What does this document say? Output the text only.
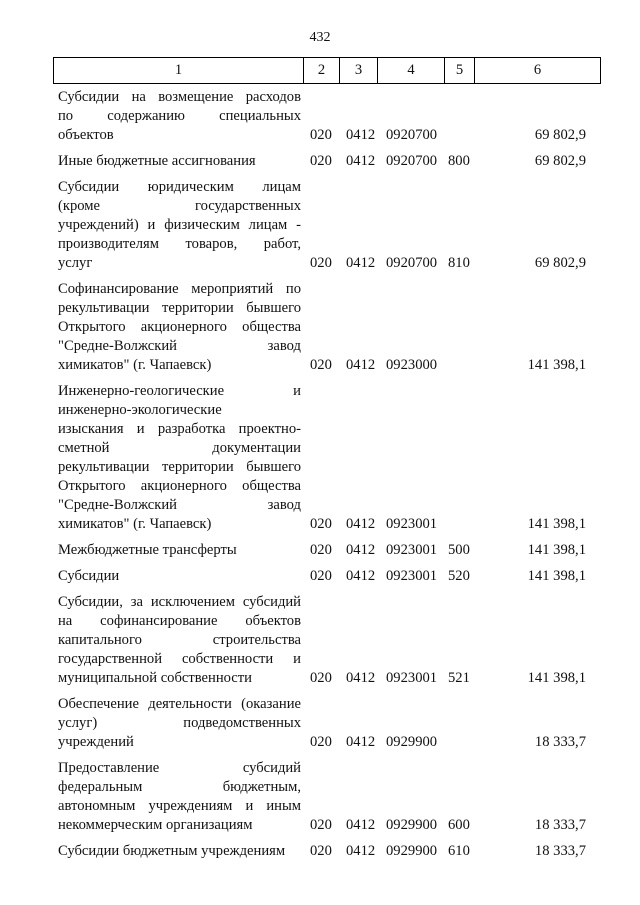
432
1	2	3	4	5	6
Субсидии на возмещение расходов
по содержанию специальных
объектов	020 0412 0920700	69 802,9
Иные бюджетные ассигнования	020 0412 0920700 800	69 802,9
Субсидии юридическим лицам
(кроме государственных
учреждений) и физическим лицам -
производителям товаров, работ,
услуг	020 0412 0920700 810	69 802,9
Софинансирование мероприятий по
рекультивации территории бывшего
Открытого акционерного общества
"Средне-Волжский завод
химикатов" (г. Чапаевск)	020 0412 0923000	141 398,1
Инженерно-геологические и
инженерно-экологические
изыскания и разработка проектно-
сметной документации
рекультивации территории бывшего
Открытого акционерного общества
"Средне-Волжский завод
химикатов" (г. Чапаевск)	020 0412 0923001	141 398,1
Межбюджетные трансферты	020 0412 0923001 500	141 398,1
Субсидии	020 0412 0923001 520	141 398,1
Субсидии, за исключением субсидий
на софинансирование объектов
капитального строительства
государственной собственности и
муниципальной собственности	020 0412 0923001 521	141 398,1
Обеспечение деятельности (оказание
услуг) подведомственных
учреждений	020 0412 0929900	18 333,7
Предоставление субсидий
федеральным бюджетным,
автономным учреждениям и иным
некоммерческим организациям	020 0412 0929900 600	18 333,7
Субсидии бюджетным учреждениям	020 0412 0929900 610	18 333,7
